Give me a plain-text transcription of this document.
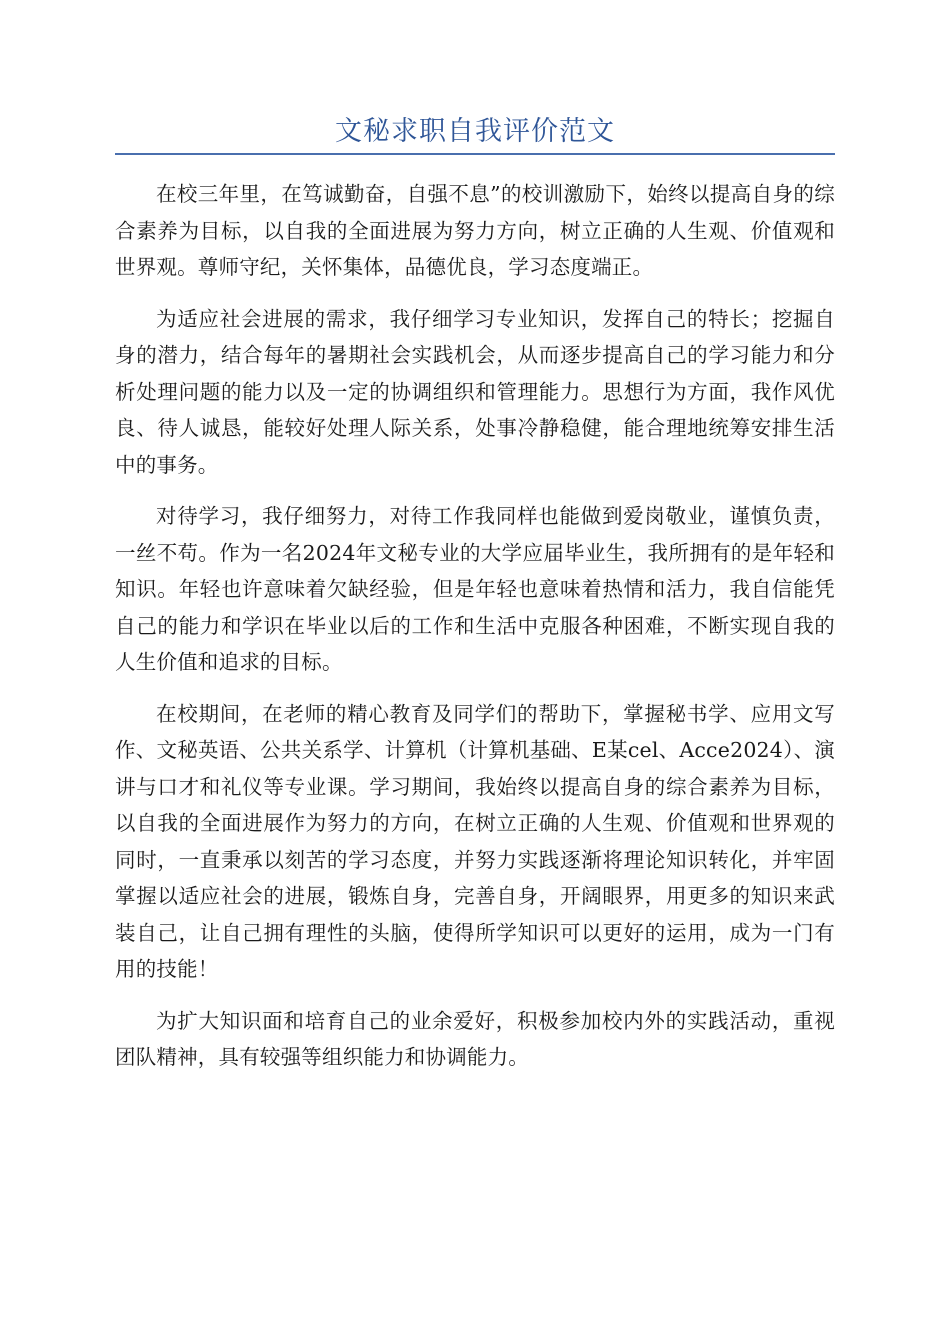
文秘求职自我评价范文

在校三年里，在笃诚勤奋，自强不息”的校训激励下，始终以提高自身的综合素养为目标，以自我的全面进展为努力方向，树立正确的人生观、价值观和世界观。尊师守纪，关怀集体，品德优良，学习态度端正。

为适应社会进展的需求，我仔细学习专业知识，发挥自己的特长；挖掘自身的潜力，结合每年的暑期社会实践机会，从而逐步提高自己的学习能力和分析处理问题的能力以及一定的协调组织和管理能力。思想行为方面，我作风优良、待人诚恳，能较好处理人际关系，处事冷静稳健，能合理地统筹安排生活中的事务。

对待学习，我仔细努力，对待工作我同样也能做到爱岗敬业，谨慎负责，一丝不苟。作为一名2024年文秘专业的大学应届毕业生，我所拥有的是年轻和知识。年轻也许意味着欠缺经验，但是年轻也意味着热情和活力，我自信能凭自己的能力和学识在毕业以后的工作和生活中克服各种困难，不断实现自我的人生价值和追求的目标。

在校期间，在老师的精心教育及同学们的帮助下，掌握秘书学、应用文写作、文秘英语、公共关系学、计算机（计算机基础、E某cel、Acce2024）、演讲与口才和礼仪等专业课。学习期间，我始终以提高自身的综合素养为目标，以自我的全面进展作为努力的方向，在树立正确的人生观、价值观和世界观的同时，一直秉承以刻苦的学习态度，并努力实践逐渐将理论知识转化，并牢固掌握以适应社会的进展，锻炼自身，完善自身，开阔眼界，用更多的知识来武装自己，让自己拥有理性的头脑，使得所学知识可以更好的运用，成为一门有用的技能！

为扩大知识面和培育自己的业余爱好，积极参加校内外的实践活动，重视团队精神，具有较强等组织能力和协调能力。
